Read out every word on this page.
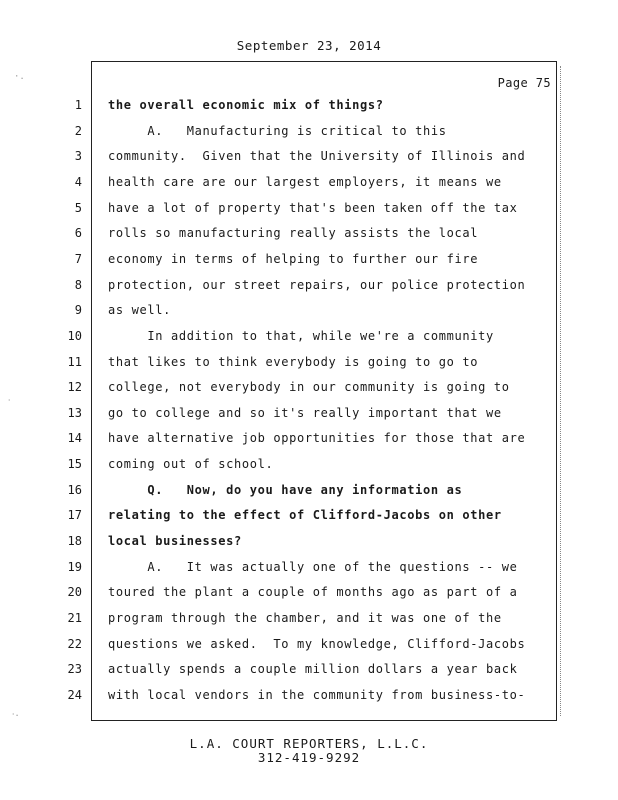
September 23, 2014
Page 75
1 the overall economic mix of things?
2 A.   Manufacturing is critical to this
3 community.  Given that the University of Illinois and
4 health care are our largest employers, it means we
5 have a lot of property that's been taken off the tax
6 rolls so manufacturing really assists the local
7 economy in terms of helping to further our fire
8 protection, our street repairs, our police protection
9 as well.
10 In addition to that, while we're a community
11 that likes to think everybody is going to go to
12 college, not everybody in our community is going to
13 go to college and so it's really important that we
14 have alternative job opportunities for those that are
15 coming out of school.
16 Q.   Now, do you have any information as
17 relating to the effect of Clifford-Jacobs on other
18 local businesses?
19 A.   It was actually one of the questions -- we
20 toured the plant a couple of months ago as part of a
21 program through the chamber, and it was one of the
22 questions we asked.  To my knowledge, Clifford-Jacobs
23 actually spends a couple million dollars a year back
24 with local vendors in the community from business-to-
L.A. COURT REPORTERS, L.L.C.
312-419-9292
·.
⸳
⸳.
